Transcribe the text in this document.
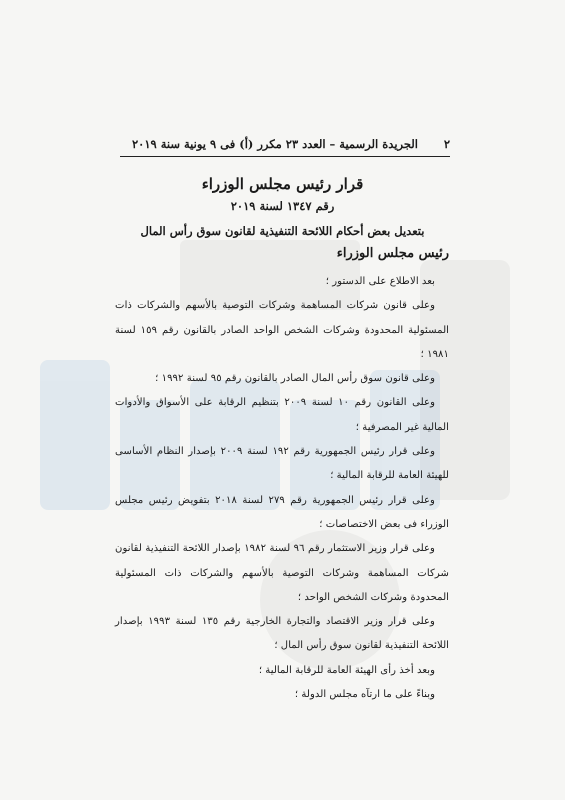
٢
الجريدة الرسمية – العدد ٢٣ مكرر (أ) فى ٩ يونية سنة ٢٠١٩
قرار رئيس مجلس الوزراء
رقم ١٣٤٧ لسنة ٢٠١٩
بتعديل بعض أحكام اللائحة التنفيذية لقانون سوق رأس المال
رئيس مجلس الوزراء

بعد الاطلاع على الدستور ؛

وعلى قانون شركات المساهمة وشركات التوصية بالأسهم والشركات ذات المسئولية المحدودة وشركات الشخص الواحد الصادر بالقانون رقم ١٥٩ لسنة ١٩٨١ ؛

وعلى قانون سوق رأس المال الصادر بالقانون رقم ٩٥ لسنة ١٩٩٢ ؛

وعلى القانون رقم ١٠ لسنة ٢٠٠٩ بتنظيم الرقابة على الأسواق والأدوات المالية غير المصرفية ؛

وعلى قرار رئيس الجمهورية رقم ١٩٢ لسنة ٢٠٠٩ بإصدار النظام الأساسى للهيئة العامة للرقابة المالية ؛

وعلى قرار رئيس الجمهورية رقم ٢٧٩ لسنة ٢٠١٨ بتفويض رئيس مجلس الوزراء فى بعض الاختصاصات ؛

وعلى قرار وزير الاستثمار رقم ٩٦ لسنة ١٩٨٢ بإصدار اللائحة التنفيذية لقانون شركات المساهمة وشركات التوصية بالأسهم والشركات ذات المسئولية المحدودة وشركات الشخص الواحد ؛

وعلى قرار وزير الاقتصاد والتجارة الخارجية رقم ١٣٥ لسنة ١٩٩٣ بإصدار اللائحة التنفيذية لقانون سوق رأس المال ؛

وبعد أخذ رأى الهيئة العامة للرقابة المالية ؛

وبناءً على ما ارتآه مجلس الدولة ؛
